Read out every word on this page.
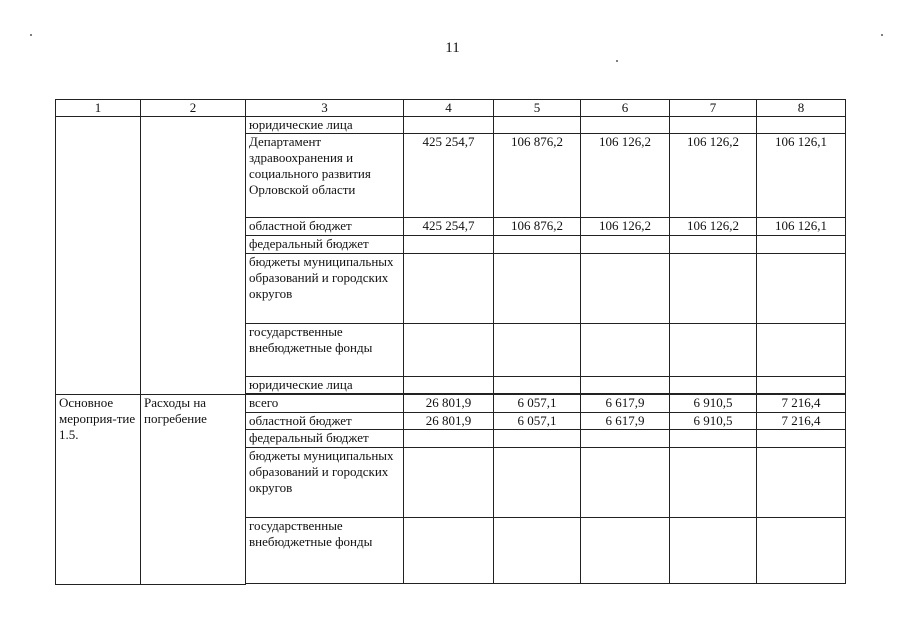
11
1	2	3	4	5	6	7	8
		юридические лица					
		Департамент здравоохранения и социального развития Орловской области	425 254,7	106 876,2	106 126,2	106 126,2	106 126,1
		областной бюджет	425 254,7	106 876,2	106 126,2	106 126,2	106 126,1
		федеральный бюджет					
		бюджеты муниципальных образований и городских округов					
		государственные внебюджетные фонды					
		юридические лица					

Основное мероприя-тие 1.5.	Расходы на погребение	всего	26 801,9	6 057,1	6 617,9	6 910,5	7 216,4
		областной бюджет	26 801,9	6 057,1	6 617,9	6 910,5	7 216,4
		федеральный бюджет					
		бюджеты муниципальных образований и городских округов					
		государственные внебюджетные фонды					
